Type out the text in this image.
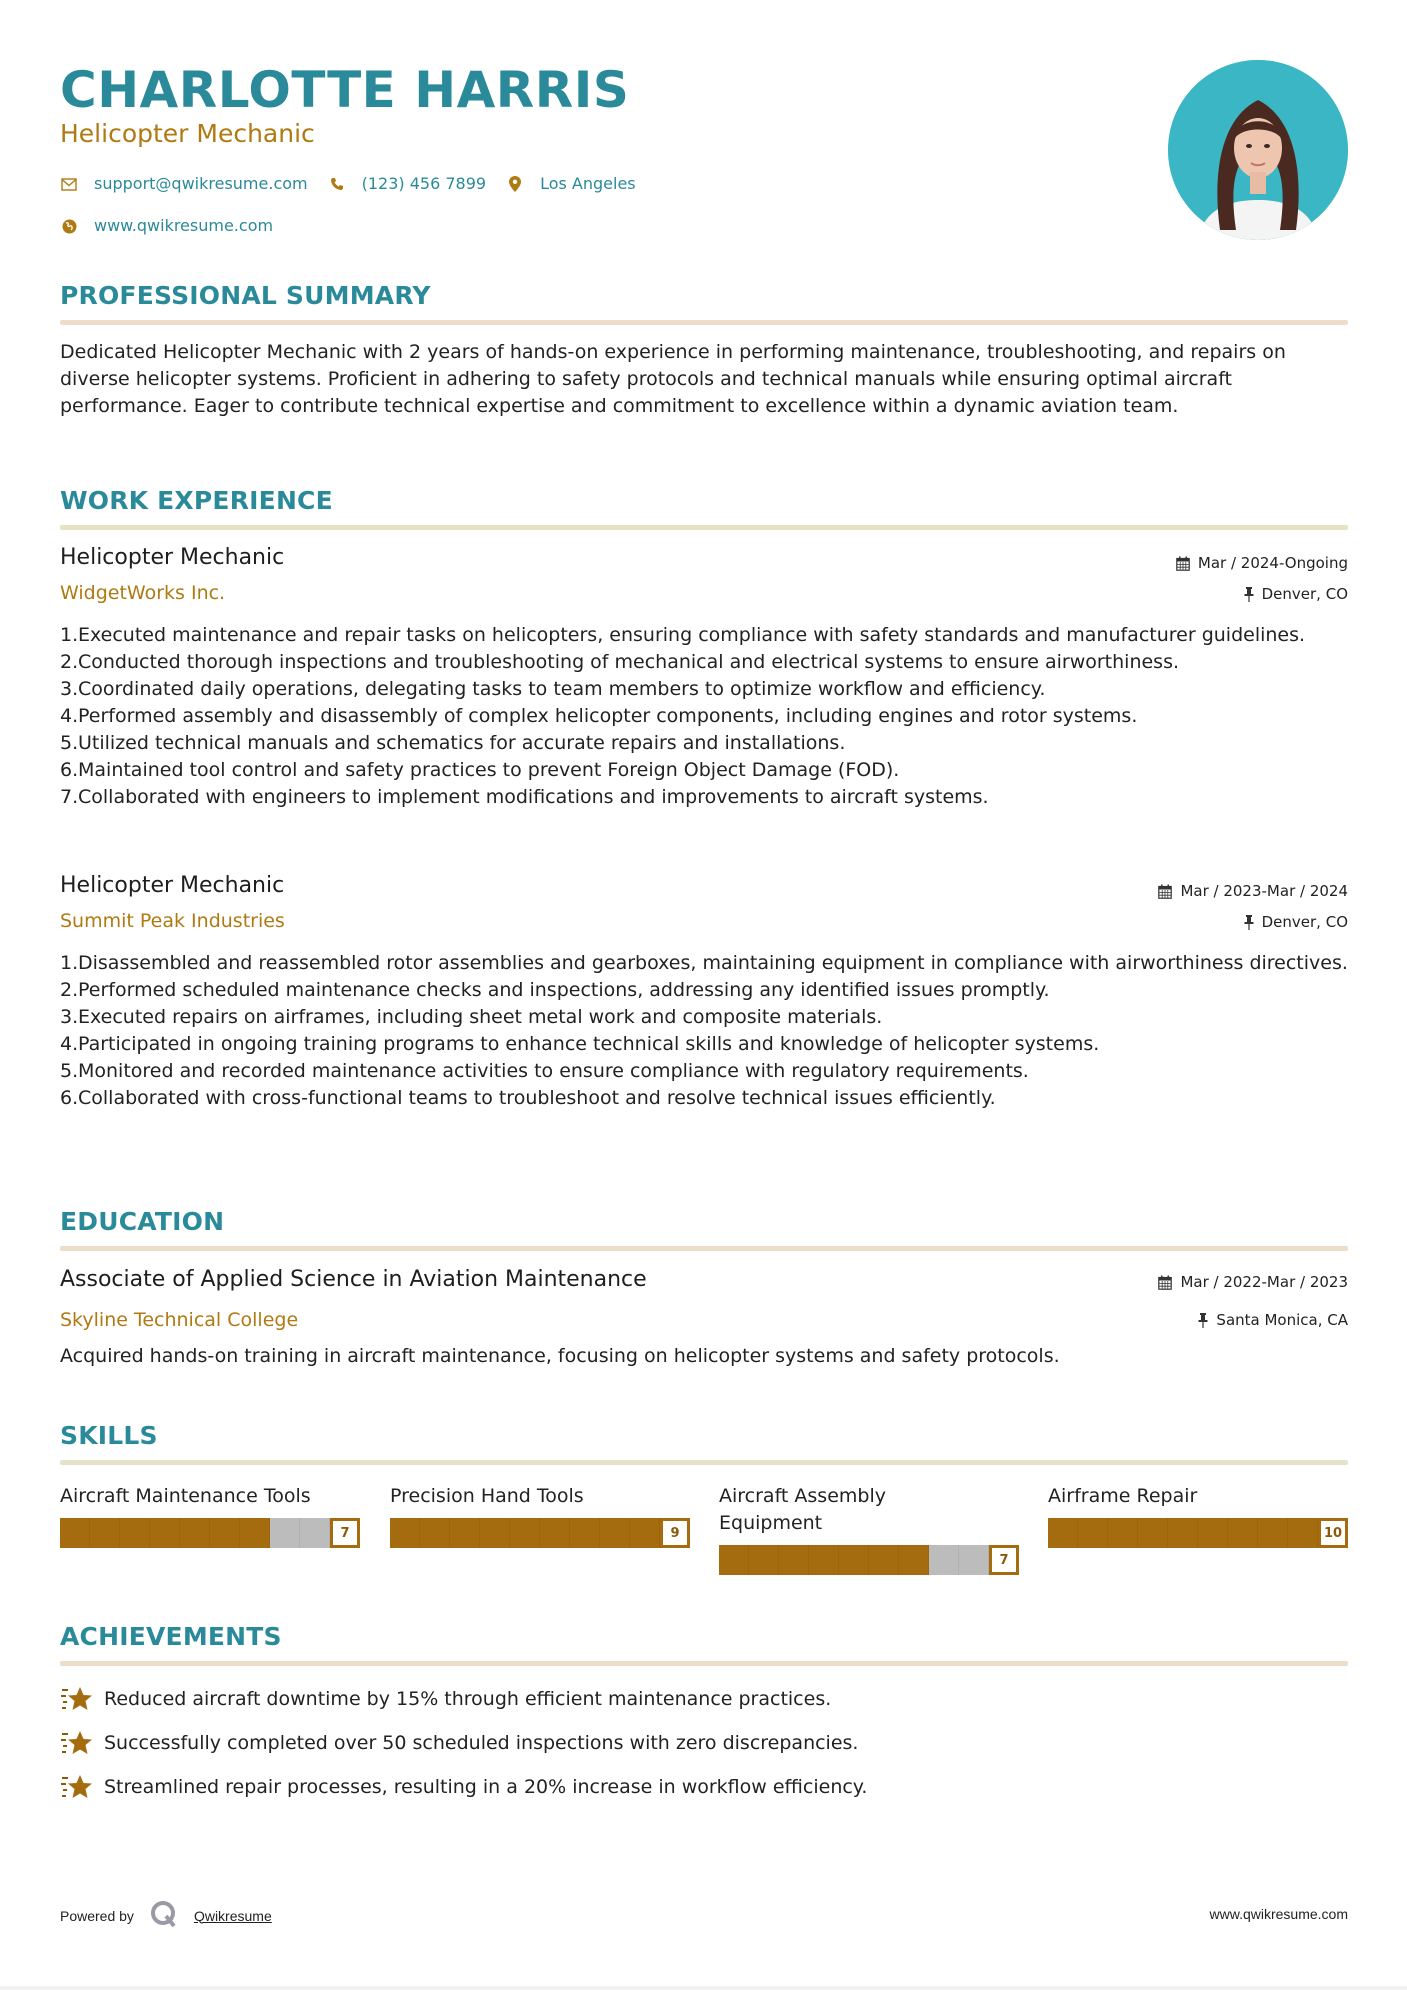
CHARLOTTE HARRIS
Helicopter Mechanic
support@qwikresume.com	(123) 456 7899	Los Angeles
www.qwikresume.com
PROFESSIONAL SUMMARY
Dedicated Helicopter Mechanic with 2 years of hands-on experience in performing maintenance, troubleshooting, and repairs on diverse helicopter systems. Proficient in adhering to safety protocols and technical manuals while ensuring optimal aircraft performance. Eager to contribute technical expertise and commitment to excellence within a dynamic aviation team.
WORK EXPERIENCE
Helicopter Mechanic	Mar / 2024-Ongoing
WidgetWorks Inc.	Denver, CO
1. Executed maintenance and repair tasks on helicopters, ensuring compliance with safety standards and manufacturer guidelines.
2. Conducted thorough inspections and troubleshooting of mechanical and electrical systems to ensure airworthiness.
3. Coordinated daily operations, delegating tasks to team members to optimize workflow and efficiency.
4. Performed assembly and disassembly of complex helicopter components, including engines and rotor systems.
5. Utilized technical manuals and schematics for accurate repairs and installations.
6. Maintained tool control and safety practices to prevent Foreign Object Damage (FOD).
7. Collaborated with engineers to implement modifications and improvements to aircraft systems.
Helicopter Mechanic	Mar / 2023-Mar / 2024
Summit Peak Industries	Denver, CO
1. Disassembled and reassembled rotor assemblies and gearboxes, maintaining equipment in compliance with airworthiness directives.
2. Performed scheduled maintenance checks and inspections, addressing any identified issues promptly.
3. Executed repairs on airframes, including sheet metal work and composite materials.
4. Participated in ongoing training programs to enhance technical skills and knowledge of helicopter systems.
5. Monitored and recorded maintenance activities to ensure compliance with regulatory requirements.
6. Collaborated with cross-functional teams to troubleshoot and resolve technical issues efficiently.
EDUCATION
Associate of Applied Science in Aviation Maintenance	Mar / 2022-Mar / 2023
Skyline Technical College	Santa Monica, CA
Acquired hands-on training in aircraft maintenance, focusing on helicopter systems and safety protocols.
SKILLS
Aircraft Maintenance Tools
7
Precision Hand Tools
9
Aircraft Assembly Equipment
7
Airframe Repair
10
ACHIEVEMENTS
Reduced aircraft downtime by 15% through efficient maintenance practices.
Successfully completed over 50 scheduled inspections with zero discrepancies.
Streamlined repair processes, resulting in a 20% increase in workflow efficiency.
Powered by	Qwikresume	www.qwikresume.com
